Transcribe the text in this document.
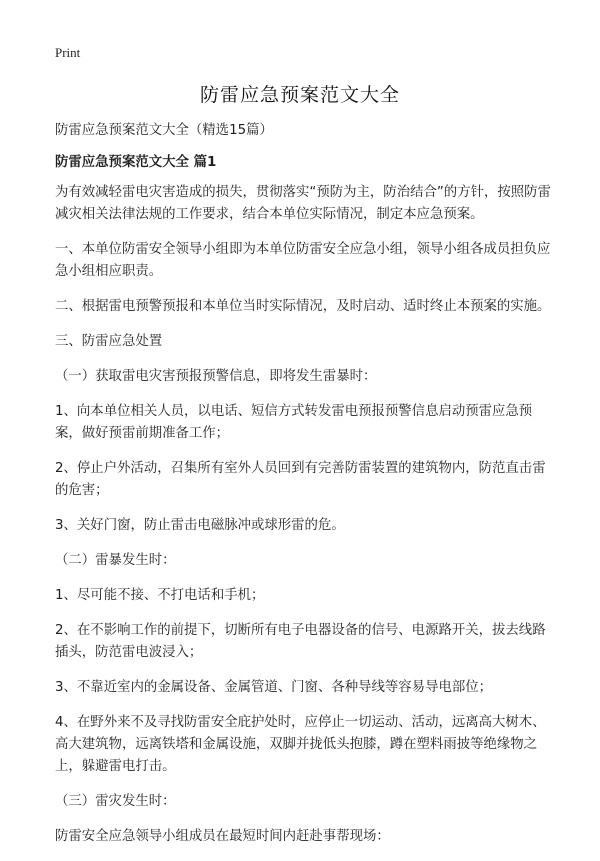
Print
防雷应急预案范文大全

防雷应急预案范文大全（精选15篇）

防雷应急预案范文大全 篇1

为有效减轻雷电灾害造成的损失，贯彻落实“预防为主，防治结合”的方针，按照防雷减灾相关法律法规的工作要求，结合本单位实际情况，制定本应急预案。

一、本单位防雷安全领导小组即为本单位防雷安全应急小组，领导小组各成员担负应急小组相应职责。

二、根据雷电预警预报和本单位当时实际情况，及时启动、适时终止本预案的实施。

三、防雷应急处置

（一）获取雷电灾害预报预警信息，即将发生雷暴时：

1、向本单位相关人员，以电话、短信方式转发雷电预报预警信息启动预雷应急预案，做好预雷前期准备工作；

2、停止户外活动，召集所有室外人员回到有完善防雷装置的建筑物内，防范直击雷的危害；

3、关好门窗，防止雷击电磁脉冲或球形雷的危。

（二）雷暴发生时：

1、尽可能不接、不打电话和手机；

2、在不影响工作的前提下，切断所有电子电器设备的信号、电源路开关，拔去线路插头，防范雷电波浸入；

3、不靠近室内的金属设备、金属管道、门窗、各种导线等容易导电部位；

4、在野外来不及寻找防雷安全庇护处时，应停止一切运动、活动，远离高大树木、高大建筑物，远离铁塔和金属设施，双脚并拢低头抱膝，蹲在塑料雨披等绝缘物之上，躲避雷电打击。

（三）雷灾发生时：

防雷安全应急领导小组成员在最短时间内赶赴事帮现场：
